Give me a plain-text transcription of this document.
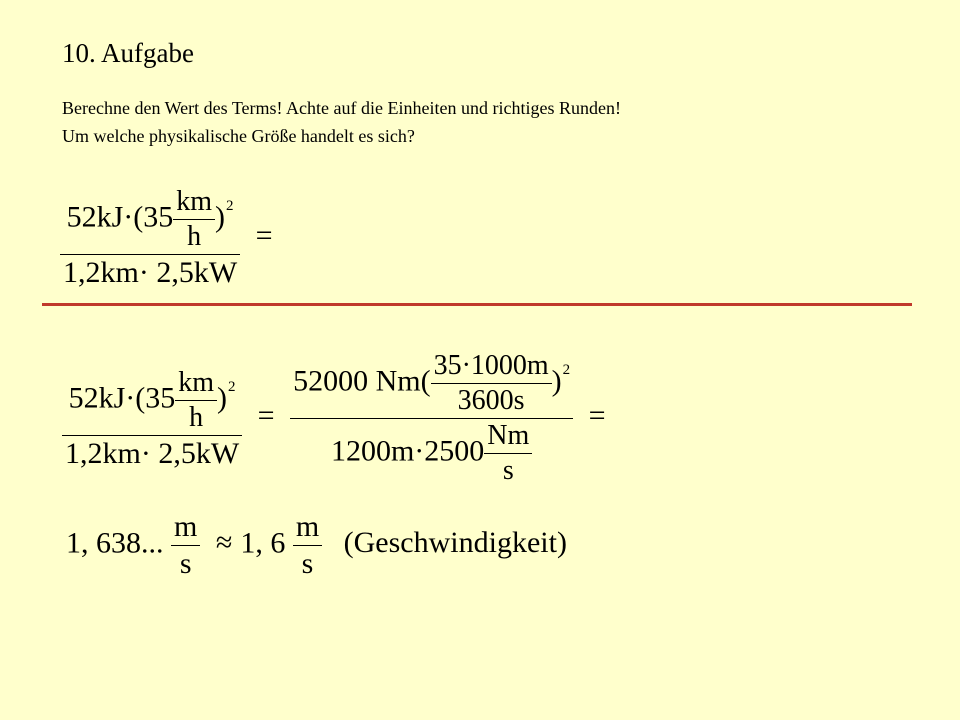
10. Aufgabe
Berechne den Wert des Terms! Achte auf die Einheiten und richtiges Runden!
Um welche physikalische Größe handelt es sich?
$\frac{52kJ\cdot(35 \frac{km}{h} )^2}{1,2km\cdot 2,5kW}$ =
$\frac{52kJ\cdot(35 \frac{km}{h} )^2}{1,2km\cdot 2,5kW} = \frac{52000 Nm( \frac{35\cdot 1000m}{3600s} )^2}{1200m\cdot 2500 \frac{Nm}{s}}$ =
1, 638... $\frac{m}{s} \approx 1$, $6 \frac{m}{s}$ (Geschwindigkeit)
